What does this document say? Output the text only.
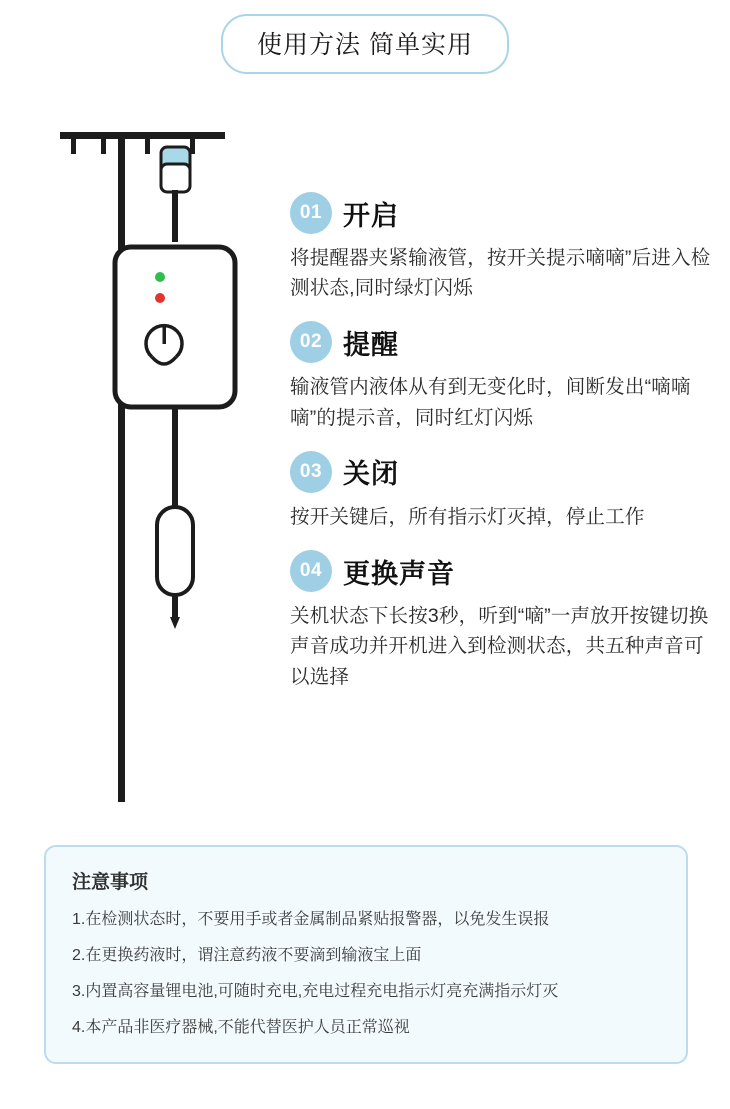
使用方法 简单实用
01 开启
将提醒器夹紧输液管，按开关提示嘀嘀”后进入检测状态,同时绿灯闪烁
02 提醒
输液管内液体从有到无变化时，间断发出“嘀嘀嘀”的提示音，同时红灯闪烁
03 关闭
按开关键后，所有指示灯灭掉，停止工作
04 更换声音
关机状态下长按3秒，听到“嘀”一声放开按键切换声音成功并开机进入到检测状态，共五种声音可以选择
注意事项
1.在检测状态时，不要用手或者金属制品紧贴报警器，以免发生误报
2.在更换药液时，谓注意药液不要滴到输液宝上面
3.内置高容量锂电池,可随时充电,充电过程充电指示灯亮充满指示灯灭
4.本产品非医疗器械,不能代替医护人员正常巡视
